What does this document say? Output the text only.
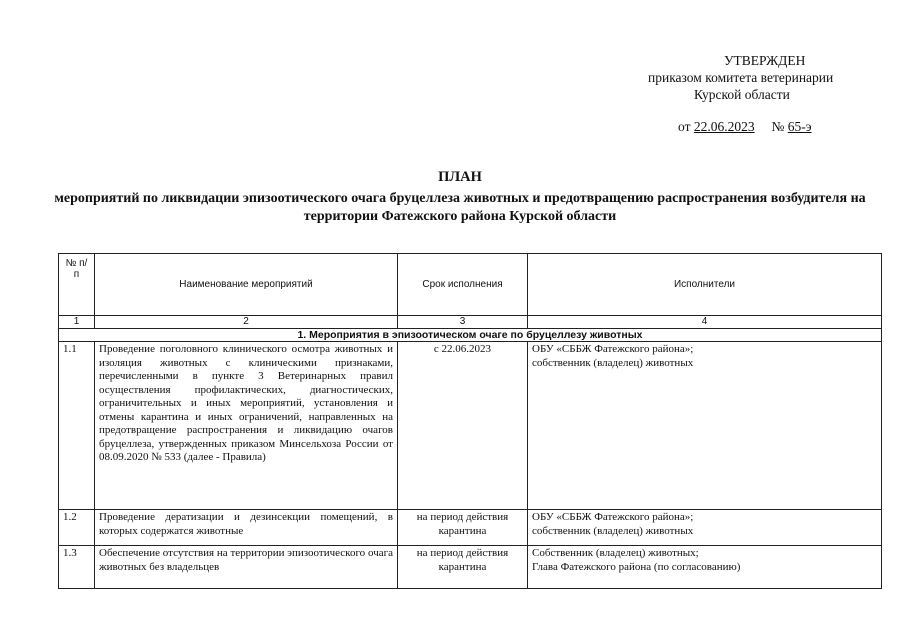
УТВЕРЖДЕН
приказом комитета ветеринарии
Курской области
от 22.06.2023 № 65-э
ПЛАН
мероприятий по ликвидации эпизоотического очага бруцеллеза животных и предотвращению распространения возбудителя на территории Фатежского района Курской области
№ п/п	Наименование мероприятий	Срок исполнения	Исполнители
1	2	3	4
1. Мероприятия в эпизоотическом очаге по бруцеллезу животных			
1.1	Проведение поголовного клинического осмотра животных и изоляция животных с клиническими признаками, перечисленными в пункте 3 Ветеринарных правил осуществления профилактических, диагностических, ограничительных и иных мероприятий, установления и отмены карантина и иных ограничений, направленных на предотвращение распространения и ликвидацию очагов бруцеллеза, утвержденных приказом Минсельхоза России от 08.09.2020 № 533 (далее - Правила)	с 22.06.2023	ОБУ «СББЖ Фатежского района»;
собственник (владелец) животных

1.2	Проведение дератизации и дезинсекции помещений, в которых содержатся животные	на период действия карантина	ОБУ «СББЖ Фатежского района»;
собственник (владелец) животных

1.3	Обеспечение отсутствия на территории эпизоотического очага животных без владельцев	на период действия карантина	Собственник (владелец) животных;
Глава Фатежского района (по согласованию)
